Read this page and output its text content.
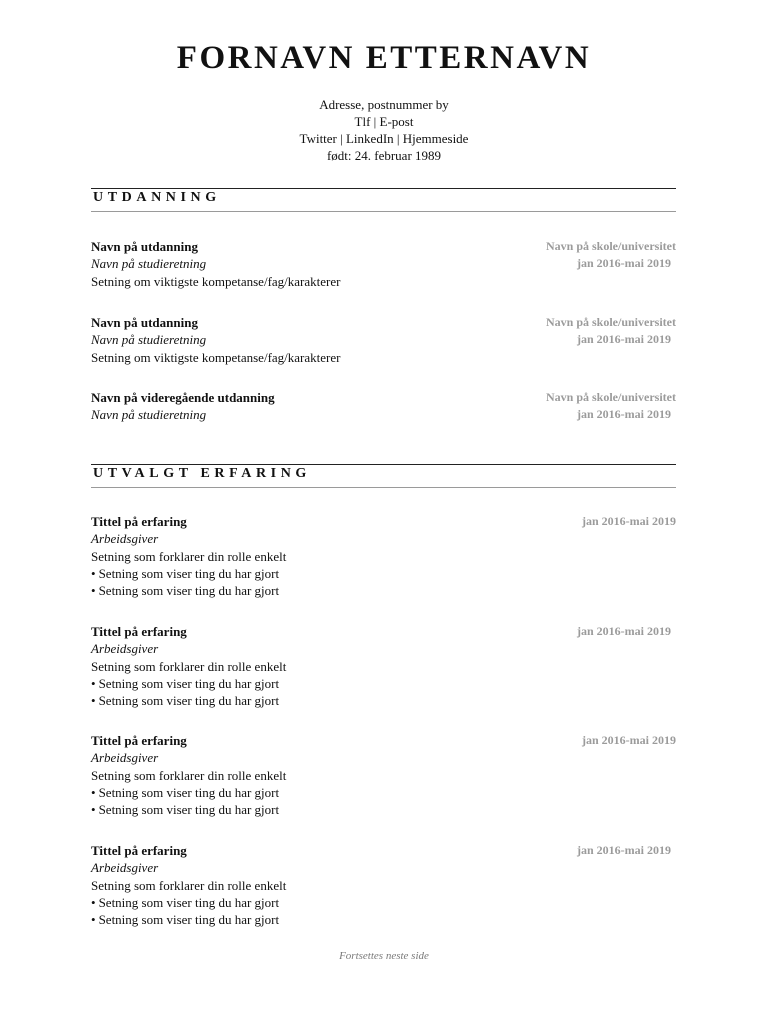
FORNAVN ETTERNAVN
Adresse, postnummer by
Tlf | E-post
Twitter | LinkedIn | Hjemmeside
født: 24. februar 1989
UTDANNING
Navn på utdanning	Navn på skole/universitet
Navn på studieretning	jan 2016-mai 2019
Setning om viktigste kompetanse/fag/karakterer
Navn på utdanning	Navn på skole/universitet
Navn på studieretning	jan 2016-mai 2019
Setning om viktigste kompetanse/fag/karakterer
Navn på videregående utdanning	Navn på skole/universitet
Navn på studieretning	jan 2016-mai 2019
UTVALGT ERFARING
Tittel på erfaring	jan 2016-mai 2019
Arbeidsgiver
Setning som forklarer din rolle enkelt
• Setning som viser ting du har gjort
• Setning som viser ting du har gjort
Tittel på erfaring	jan 2016-mai 2019
Arbeidsgiver
Setning som forklarer din rolle enkelt
• Setning som viser ting du har gjort
• Setning som viser ting du har gjort
Tittel på erfaring	jan 2016-mai 2019
Arbeidsgiver
Setning som forklarer din rolle enkelt
• Setning som viser ting du har gjort
• Setning som viser ting du har gjort
Tittel på erfaring	jan 2016-mai 2019
Arbeidsgiver
Setning som forklarer din rolle enkelt
• Setning som viser ting du har gjort
• Setning som viser ting du har gjort
Fortsettes neste side
